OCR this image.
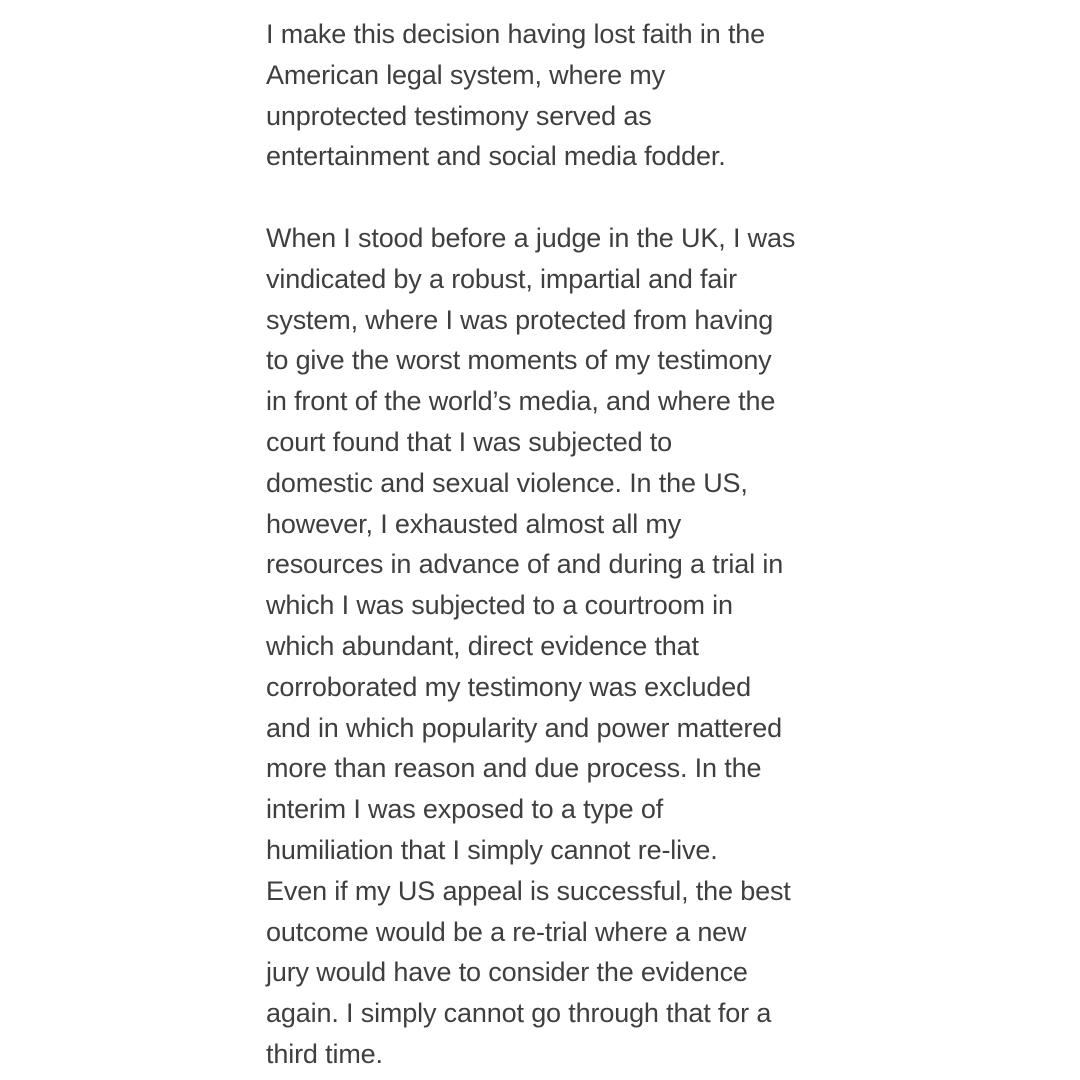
I make this decision having lost faith in the
American legal system, where my
unprotected testimony served as
entertainment and social media fodder.
When I stood before a judge in the UK, I was
vindicated by a robust, impartial and fair
system, where I was protected from having
to give the worst moments of my testimony
in front of the world’s media, and where the
court found that I was subjected to
domestic and sexual violence. In the US,
however, I exhausted almost all my
resources in advance of and during a trial in
which I was subjected to a courtroom in
which abundant, direct evidence that
corroborated my testimony was excluded
and in which popularity and power mattered
more than reason and due process. In the
interim I was exposed to a type of
humiliation that I simply cannot re-live.
Even if my US appeal is successful, the best
outcome would be a re-trial where a new
jury would have to consider the evidence
again. I simply cannot go through that for a
third time.
